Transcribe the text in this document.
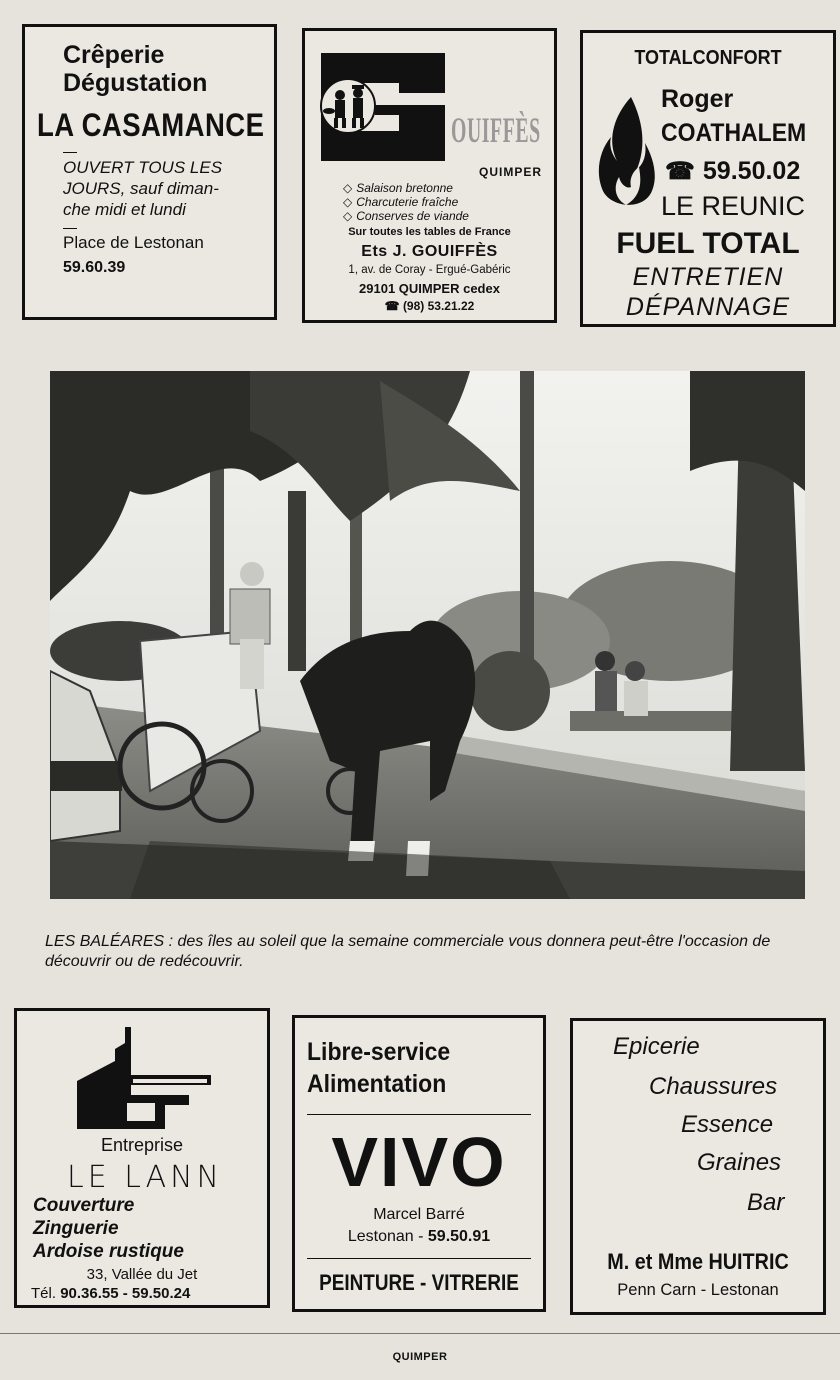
Crêperie
Dégustation
LA CASAMANCE
OUVERT TOUS LES
JOURS, sauf diman-
che midi et lundi
Place de Lestonan
59.60.39
OUIFFÈS
QUIMPER
◇ Salaison bretonne
◇ Charcuterie fraîche
◇ Conserves de viande
Sur toutes les tables de France
Ets J. GOUIFFÈS
1, av. de Coray - Ergué-Gabéric
29101 QUIMPER cedex
☎ (98) 53.21.22
TOTALCONFORT
Roger
COATHALEM
☎ 59.50.02
LE REUNIC
FUEL TOTAL
ENTRETIEN
DÉPANNAGE
LES BALÉARES : des îles au soleil que la semaine commerciale vous donnera peut-être l'occasion de découvrir ou de redécouvrir.
Entreprise
LE LANN
Couverture
Zinguerie
Ardoise rustique
33, Vallée du Jet
Tél. 90.36.55 - 59.50.24
Libre-service
Alimentation
VIVO
Marcel Barré
Lestonan - 59.50.91
PEINTURE - VITRERIE
Epicerie
Chaussures
Essence
Graines
Bar
M. et Mme HUITRIC
Penn Carn - Lestonan
QUIMPER
